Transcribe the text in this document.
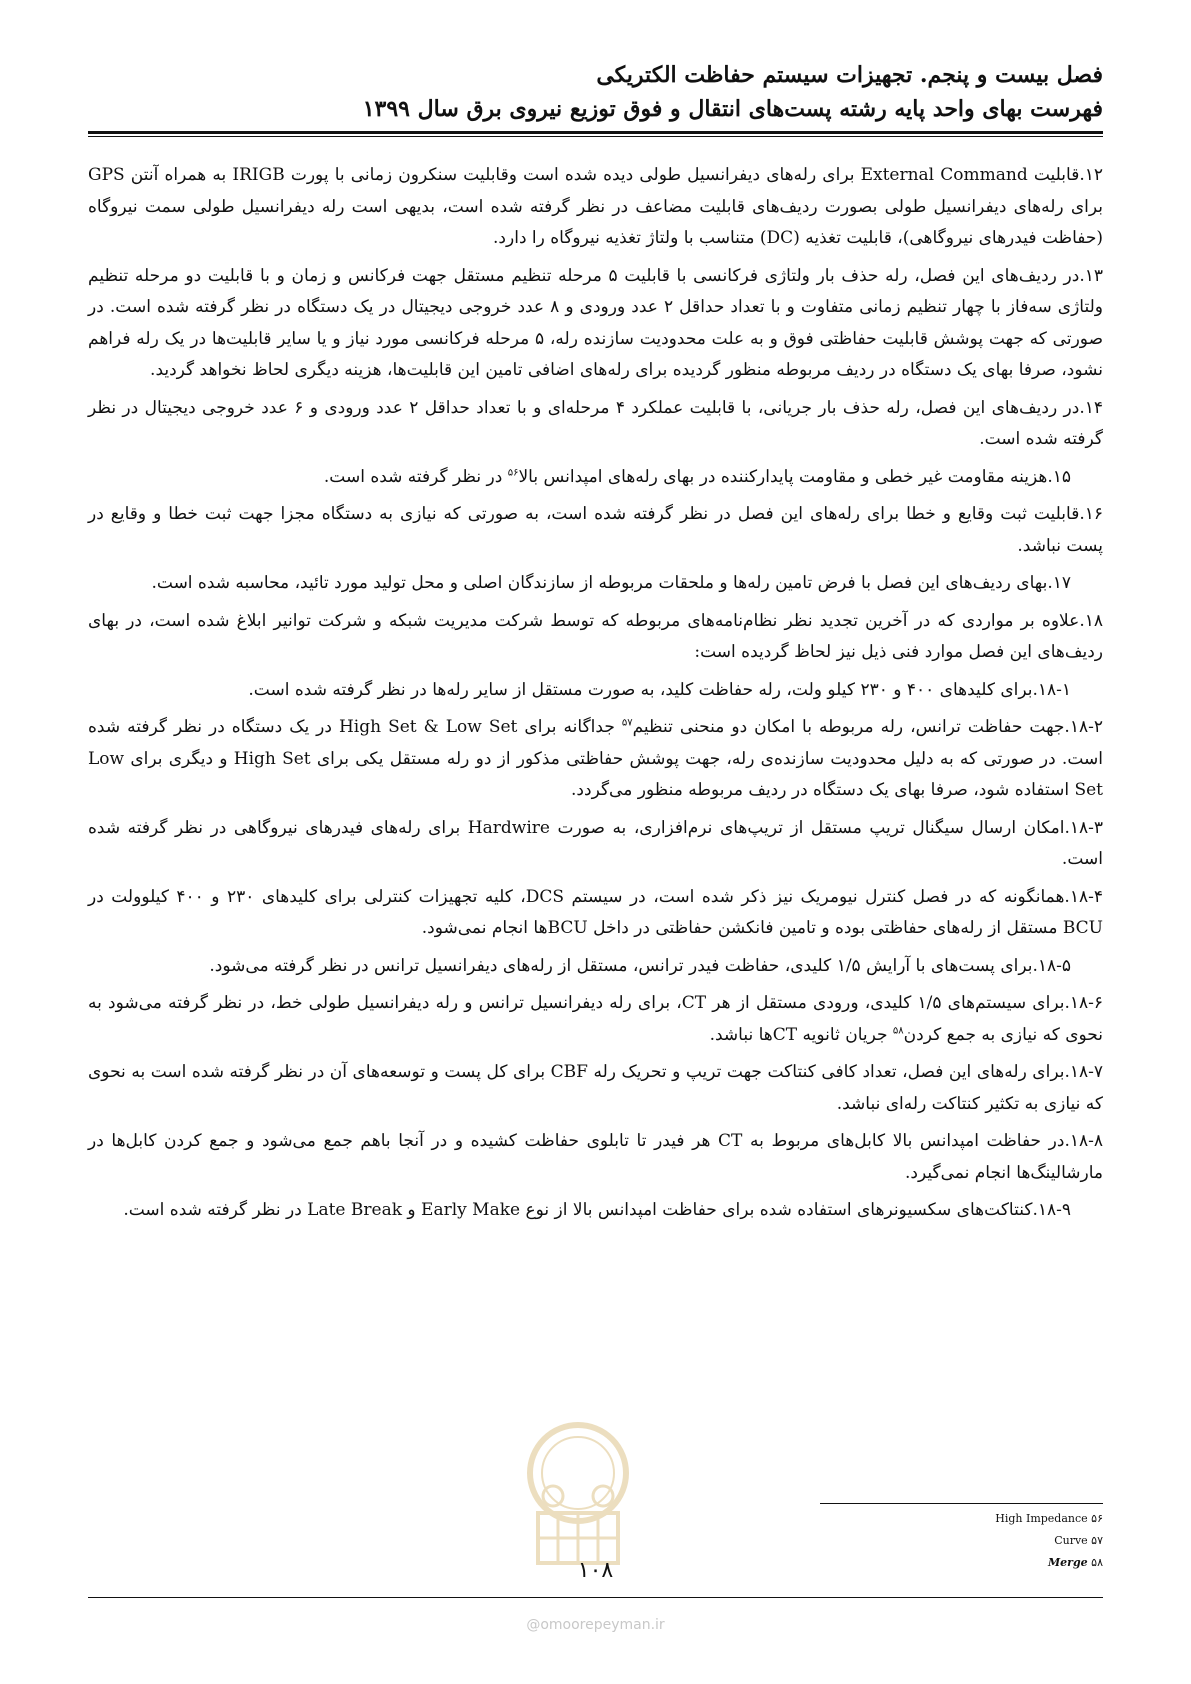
فصل بیست و پنجم. تجهیزات سیستم حفاظت الکتریکی
فهرست بهای واحد پایه رشته پست‌های انتقال و فوق توزیع نیروی برق سال ۱۳۹۹

۱۲.قابلیت External Command برای رله‌های دیفرانسیل طولی دیده شده است وقابلیت سنکرون زمانی با پورت IRIGB به همراه آنتن GPS برای رله‌های دیفرانسیل طولی بصورت ردیف‌های قابلیت مضاعف در نظر گرفته شده است، بدیهی است رله دیفرانسیل طولی سمت نیروگاه (حفاظت فیدرهای نیروگاهی)، قابلیت تغذیه (DC) متناسب با ولتاژ تغذیه نیروگاه را دارد.

۱۳.در ردیف‌های این فصل، رله حذف بار ولتاژی فرکانسی با قابلیت ۵ مرحله تنظیم مستقل جهت فرکانس و زمان و با قابلیت دو مرحله تنظیم ولتاژی سه‌فاز با چهار تنظیم زمانی متفاوت و با تعداد حداقل ۲ عدد ورودی و ۸ عدد خروجی دیجیتال در یک دستگاه در نظر گرفته شده است. در صورتی که جهت پوشش قابلیت حفاظتی فوق و به علت محدودیت سازنده رله، ۵ مرحله فرکانسی مورد نیاز و یا سایر قابلیت‌ها در یک رله فراهم نشود، صرفا بهای یک دستگاه در ردیف مربوطه منظور گردیده برای رله‌های اضافی تامین این قابلیت‌ها، هزینه دیگری لحاظ نخواهد گردید.

۱۴.در ردیف‌های این فصل، رله حذف بار جریانی، با قابلیت عملکرد ۴ مرحله‌ای و با تعداد حداقل ۲ عدد ورودی و ۶ عدد خروجی دیجیتال در نظر گرفته شده است.

۱۵.هزینه مقاومت غیر خطی و مقاومت پایدارکننده در بهای رله‌های امپدانس بالا$^{۵۶}$ در نظر گرفته شده است.

۱۶.قابلیت ثبت وقایع و خطا برای رله‌های این فصل در نظر گرفته شده است، به صورتی که نیازی به دستگاه مجزا جهت ثبت خطا و وقایع در پست نباشد.

۱۷.بهای ردیف‌های این فصل با فرض تامین رله‌ها و ملحقات مربوطه از سازندگان اصلی و محل تولید مورد تائید، محاسبه شده است.

۱۸.علاوه بر مواردی که در آخرین تجدید نظر نظام‌نامه‌های مربوطه که توسط شرکت مدیریت شبکه و شرکت توانیر ابلاغ شده است، در بهای ردیف‌های این فصل موارد فنی ذیل نیز لحاظ گردیده است:

۱۸-۱.برای کلیدهای ۴۰۰ و ۲۳۰ کیلو ولت، رله حفاظت کلید، به صورت مستقل از سایر رله‌ها در نظر گرفته شده است.

۱۸-۲.جهت حفاظت ترانس، رله مربوطه با امکان دو منحنی تنظیم$^{۵۷}$ جداگانه برای High Set & Low Set در یک دستگاه در نظر گرفته شده است. در صورتی که به دلیل محدودیت سازنده‌ی رله، جهت پوشش حفاظتی مذکور از دو رله مستقل یکی برای High Set و دیگری برای Low Set استفاده شود، صرفا بهای یک دستگاه در ردیف مربوطه منظور می‌گردد.

۱۸-۳.امکان ارسال سیگنال تریپ مستقل از تریپ‌های نرم‌افزاری، به صورت Hardwire برای رله‌های فیدرهای نیروگاهی در نظر گرفته شده است.

۱۸-۴.همانگونه که در فصل کنترل نیومریک نیز ذکر شده است، در سیستم DCS، کلیه تجهیزات کنترلی برای کلیدهای ۲۳۰ و ۴۰۰ کیلوولت در BCU مستقل از رله‌های حفاظتی بوده و تامین فانکشن حفاظتی در داخل BCUها انجام نمی‌شود.

۱۸-۵.برای پست‌های با آرایش ۱/۵ کلیدی، حفاظت فیدر ترانس، مستقل از رله‌های دیفرانسیل ترانس در نظر گرفته می‌شود.

۱۸-۶.برای سیستم‌های ۱/۵ کلیدی، ورودی مستقل از هر CT، برای رله دیفرانسیل ترانس و رله دیفرانسیل طولی خط، در نظر گرفته می‌شود به نحوی که نیازی به جمع کردن$^{۵۸}$ جریان ثانویه CTها نباشد.

۱۸-۷.برای رله‌های این فصل، تعداد کافی کنتاکت جهت تریپ و تحریک رله CBF برای کل پست و توسعه‌های آن در نظر گرفته شده است به نحوی که نیازی به تکثیر کنتاکت رله‌ای نباشد.

۱۸-۸.در حفاظت امپدانس بالا کابل‌های مربوط به CT هر فیدر تا تابلوی حفاظت کشیده و در آنجا باهم جمع می‌شود و جمع کردن کابل‌ها در مارشالینگ‌ها انجام نمی‌گیرد.

۱۸-۹.کنتاکت‌های سکسیونرهای استفاده شده برای حفاظت امپدانس بالا از نوع Early Make و Late Break در نظر گرفته شده است.

۵۶ High Impedance
۵۷ Curve
۵۸ Merge
۱۰۸
@omoorepeyman.ir
